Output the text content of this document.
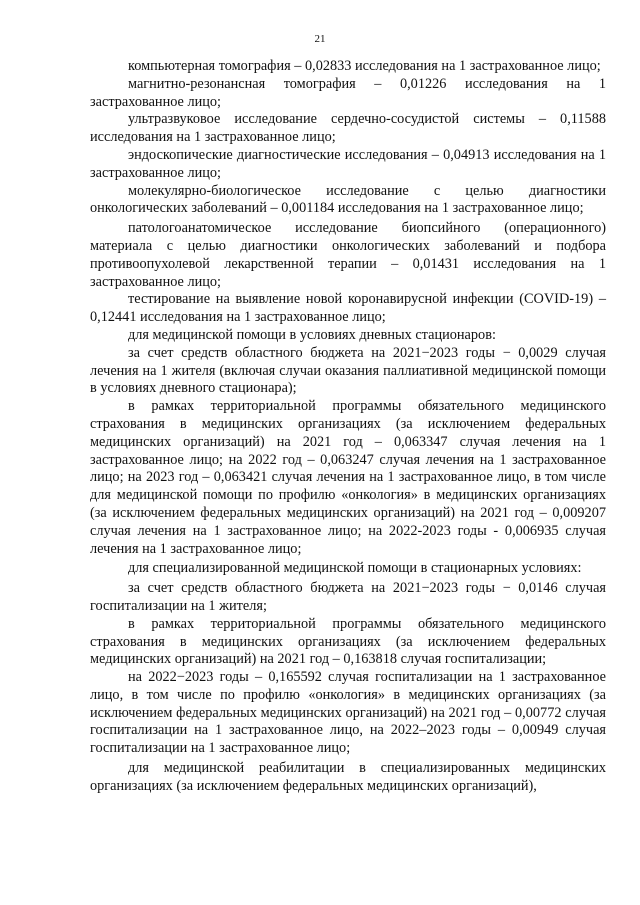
21

компьютерная томография – 0,02833 исследования на 1 застрахованное лицо;

магнитно-резонансная томография – 0,01226 исследования на 1 застрахованное лицо;

ультразвуковое исследование сердечно-сосудистой системы – 0,11588 исследования на 1 застрахованное лицо;

эндоскопические диагностические исследования – 0,04913 исследования на 1 застрахованное лицо;

молекулярно-биологическое исследование с целью диагностики онкологических заболеваний – 0,001184 исследования на 1 застрахованное лицо;

патологоанатомическое исследование биопсийного (операционного) материала с целью диагностики онкологических заболеваний и подбора противоопухолевой лекарственной терапии – 0,01431 исследования на 1 застрахованное лицо;

тестирование на выявление новой коронавирусной инфекции (COVID-19) – 0,12441 исследования на 1 застрахованное лицо;

для медицинской помощи в условиях дневных стационаров:

за счет средств областного бюджета на 2021−2023 годы − 0,0029 случая лечения на 1 жителя (включая случаи оказания паллиативной медицинской помощи в условиях дневного стационара);

в рамках территориальной программы обязательного медицинского страхования в медицинских организациях (за исключением федеральных медицинских организаций) на 2021 год – 0,063347 случая лечения на 1 застрахованное лицо; на 2022 год – 0,063247 случая лечения на 1 застрахованное лицо; на 2023 год – 0,063421 случая лечения на 1 застрахованное лицо, в том числе для медицинской помощи по профилю «онкология» в медицинских организациях (за исключением федеральных медицинских организаций) на 2021 год – 0,009207 случая лечения на 1 застрахованное лицо; на 2022-2023 годы - 0,006935 случая лечения на 1 застрахованное лицо;

для специализированной медицинской помощи в стационарных условиях:

за счет средств областного бюджета на 2021−2023 годы − 0,0146 случая госпитализации на 1 жителя;

в рамках территориальной программы обязательного медицинского страхования в медицинских организациях (за исключением федеральных медицинских организаций) на 2021 год – 0,163818 случая госпитализации;

на 2022−2023 годы – 0,165592 случая госпитализации на 1 застрахованное лицо, в том числе по профилю «онкология» в медицинских организациях (за исключением федеральных медицинских организаций) на 2021 год – 0,00772 случая госпитализации на 1 застрахованное лицо, на 2022–2023 годы – 0,00949 случая госпитализации на 1 застрахованное лицо;

для медицинской реабилитации в специализированных медицинских организациях (за исключением федеральных медицинских организаций),
